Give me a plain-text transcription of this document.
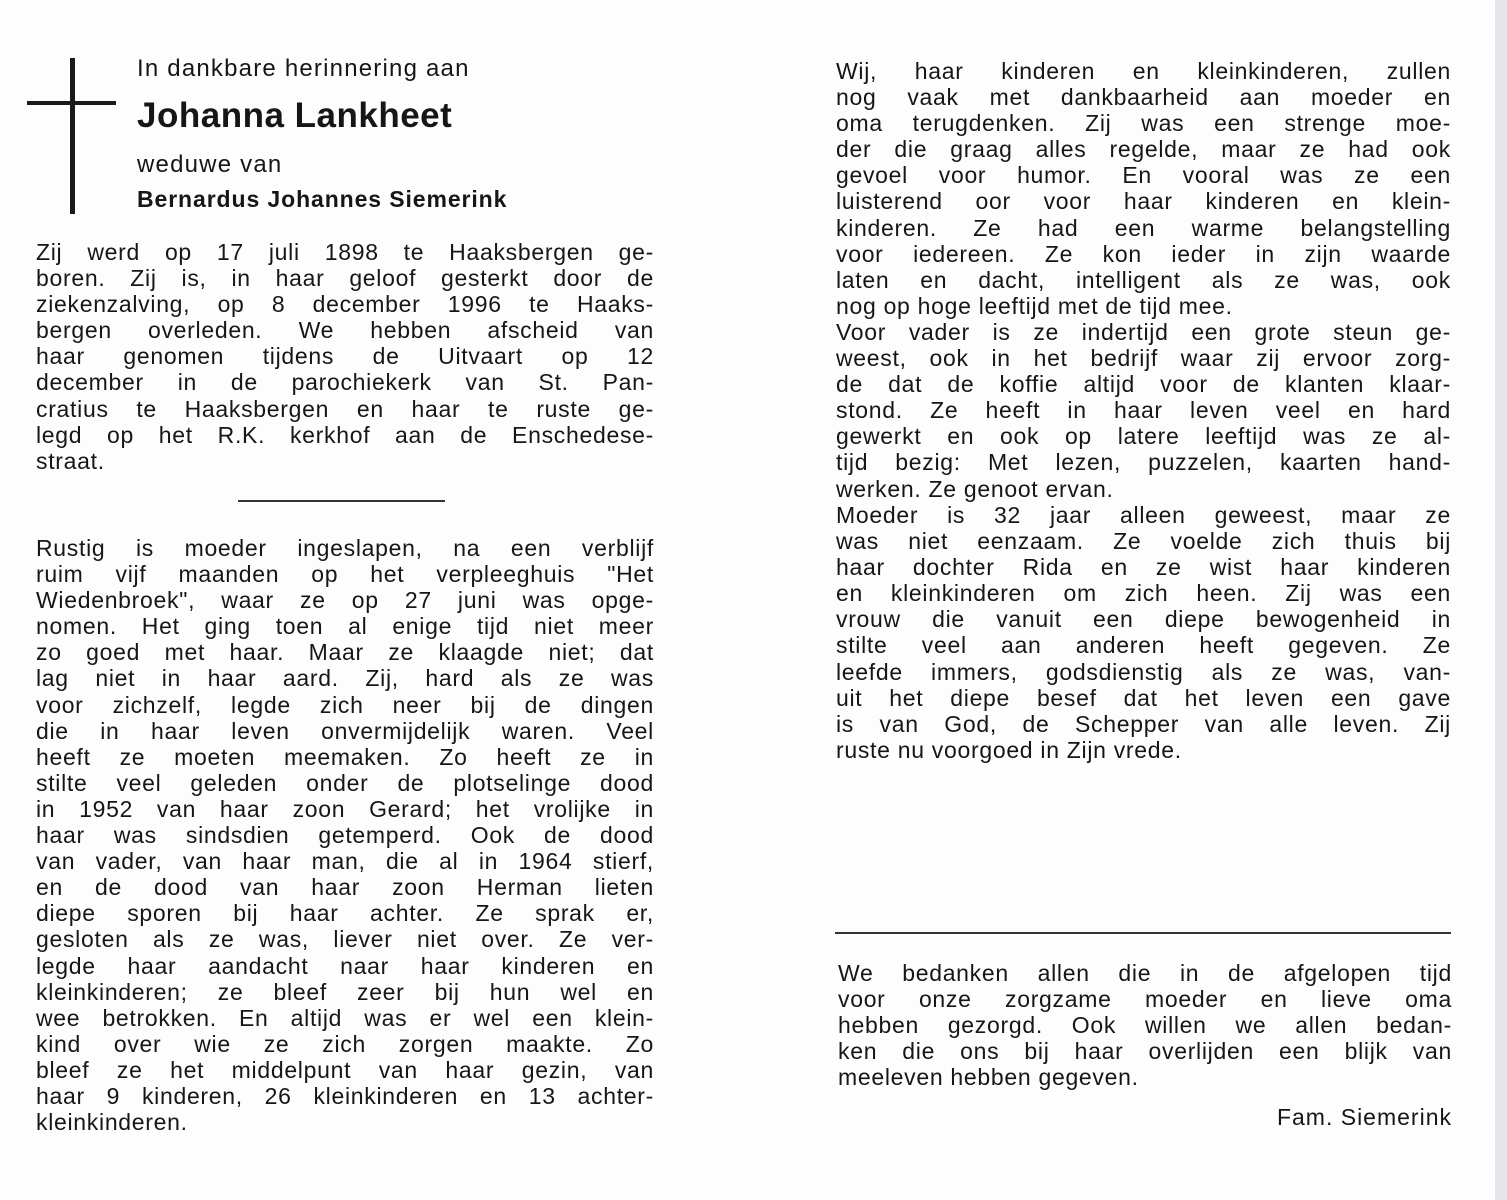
In dankbare herinnering aan
Johanna Lankheet
weduwe van
Bernardus Johannes Siemerink
Zij werd op 17 juli 1898 te Haaksbergen ge-
boren. Zij is, in haar geloof gesterkt door de
ziekenzalving, op 8 december 1996 te Haaks-
bergen overleden. We hebben afscheid van
haar genomen tijdens de Uitvaart op 12
december in de parochiekerk van St. Pan-
cratius te Haaksbergen en haar te ruste ge-
legd op het R.K. kerkhof aan de Enschedese-
straat.
Rustig is moeder ingeslapen, na een verblijf
ruim vijf maanden op het verpleeghuis "Het
Wiedenbroek", waar ze op 27 juni was opge-
nomen. Het ging toen al enige tijd niet meer
zo goed met haar. Maar ze klaagde niet; dat
lag niet in haar aard. Zij, hard als ze was
voor zichzelf, legde zich neer bij de dingen
die in haar leven onvermijdelijk waren. Veel
heeft ze moeten meemaken. Zo heeft ze in
stilte veel geleden onder de plotselinge dood
in 1952 van haar zoon Gerard; het vrolijke in
haar was sindsdien getemperd. Ook de dood
van vader, van haar man, die al in 1964 stierf,
en de dood van haar zoon Herman lieten
diepe sporen bij haar achter. Ze sprak er,
gesloten als ze was, liever niet over. Ze ver-
legde haar aandacht naar haar kinderen en
kleinkinderen; ze bleef zeer bij hun wel en
wee betrokken. En altijd was er wel een klein-
kind over wie ze zich zorgen maakte. Zo
bleef ze het middelpunt van haar gezin, van
haar 9 kinderen, 26 kleinkinderen en 13 achter-
kleinkinderen.
Wij, haar kinderen en kleinkinderen, zullen
nog vaak met dankbaarheid aan moeder en
oma terugdenken. Zij was een strenge moe-
der die graag alles regelde, maar ze had ook
gevoel voor humor. En vooral was ze een
luisterend oor voor haar kinderen en klein-
kinderen. Ze had een warme belangstelling
voor iedereen. Ze kon ieder in zijn waarde
laten en dacht, intelligent als ze was, ook
nog op hoge leeftijd met de tijd mee.
Voor vader is ze indertijd een grote steun ge-
weest, ook in het bedrijf waar zij ervoor zorg-
de dat de koffie altijd voor de klanten klaar-
stond. Ze heeft in haar leven veel en hard
gewerkt en ook op latere leeftijd was ze al-
tijd bezig: Met lezen, puzzelen, kaarten hand-
werken. Ze genoot ervan.
Moeder is 32 jaar alleen geweest, maar ze
was niet eenzaam. Ze voelde zich thuis bij
haar dochter Rida en ze wist haar kinderen
en kleinkinderen om zich heen. Zij was een
vrouw die vanuit een diepe bewogenheid in
stilte veel aan anderen heeft gegeven. Ze
leefde immers, godsdienstig als ze was, van-
uit het diepe besef dat het leven een gave
is van God, de Schepper van alle leven. Zij
ruste nu voorgoed in Zijn vrede.
We bedanken allen die in de afgelopen tijd
voor onze zorgzame moeder en lieve oma
hebben gezorgd. Ook willen we allen bedan-
ken die ons bij haar overlijden een blijk van
meeleven hebben gegeven.
Fam. Siemerink
